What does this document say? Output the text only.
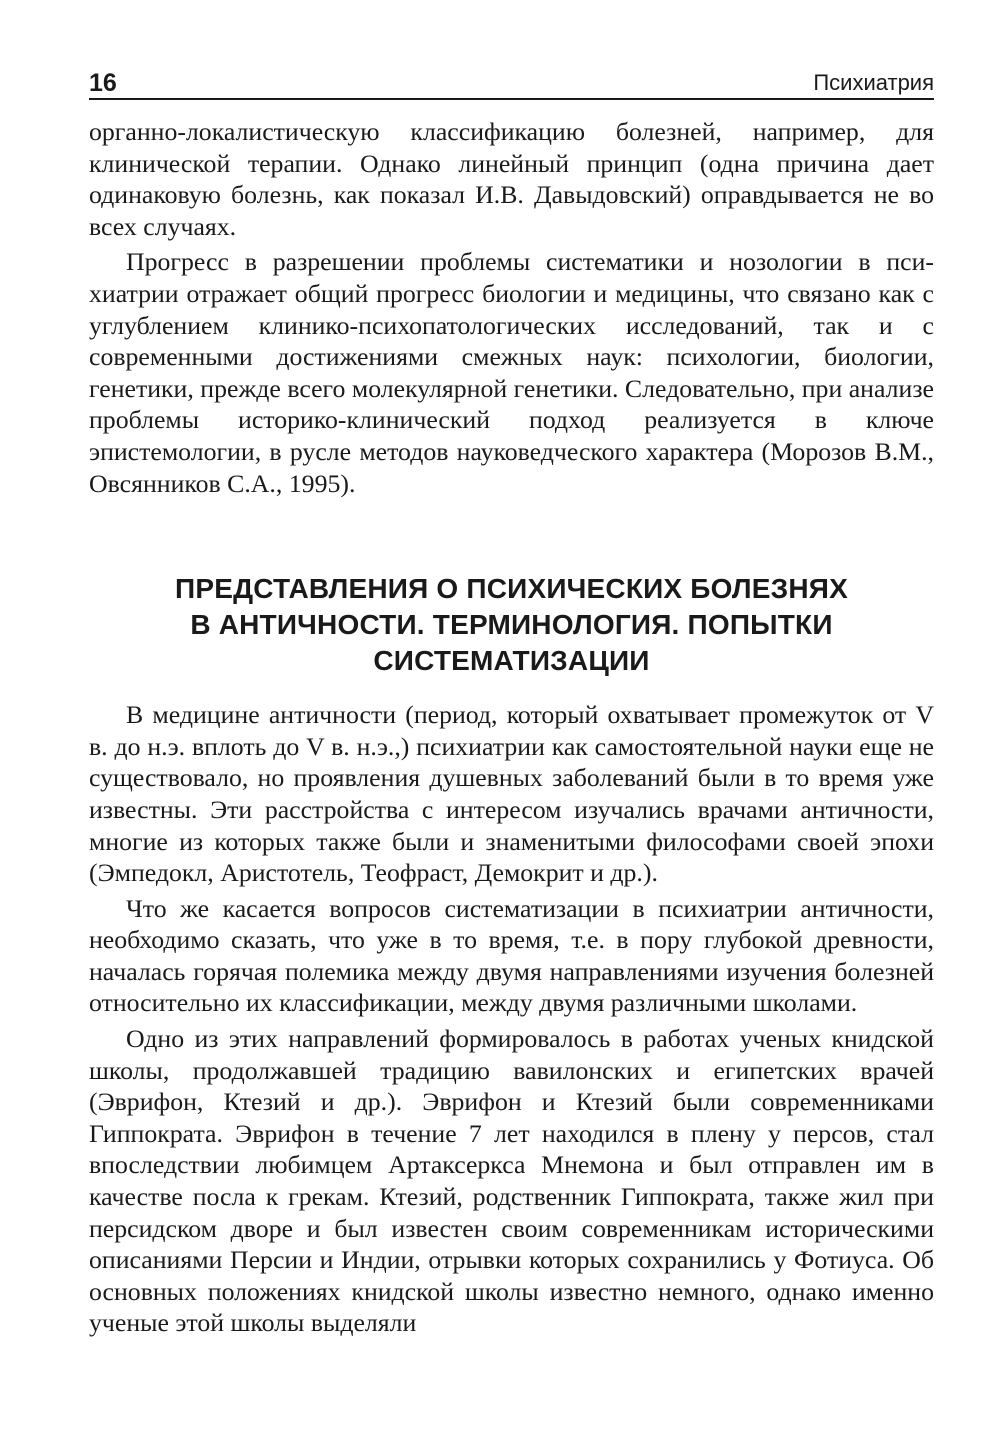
16	Психиатрия

органно-локалистическую классификацию болезней, например, для клинической терапии. Однако линейный принцип (одна причина дает одинаковую болезнь, как показал И.В. Давыдовский) оправдывается не во всех случаях.

Прогресс в разрешении проблемы систематики и нозологии в психиатрии отражает общий прогресс биологии и медицины, что связано как с углублением клинико-психопатологических исследований, так и с современными достижениями смежных наук: психологии, биологии, генетики, прежде всего молекулярной генетики. Следовательно, при анализе проблемы историко-клинический подход реализуется в ключе эпистемологии, в русле методов науковедческого характера (Морозов В.М., Овсянников С.А., 1995).

ПРЕДСТАВЛЕНИЯ О ПСИХИЧЕСКИХ БОЛЕЗНЯХ
В АНТИЧНОСТИ. ТЕРМИНОЛОГИЯ. ПОПЫТКИ
СИСТЕМАТИЗАЦИИ

В медицине античности (период, который охватывает промежуток от V в. до н.э. вплоть до V в. н.э.,) психиатрии как самостоятельной науки еще не существовало, но проявления душевных заболеваний были в то время уже известны. Эти расстройства с интересом изучались врачами античности, многие из которых также были и знаменитыми философами своей эпохи (Эмпедокл, Аристотель, Теофраст, Демокрит и др.).

Что же касается вопросов систематизации в психиатрии античности, необходимо сказать, что уже в то время, т.е. в пору глубокой древности, началась горячая полемика между двумя направлениями изучения болезней относительно их классификации, между двумя различными школами.

Одно из этих направлений формировалось в работах ученых книдской школы, продолжавшей традицию вавилонских и египетских врачей (Эврифон, Ктезий и др.). Эврифон и Ктезий были современниками Гиппократа. Эврифон в течение 7 лет находился в плену у персов, стал впоследствии любимцем Артаксеркса Мнемона и был отправлен им в качестве посла к грекам. Ктезий, родственник Гиппократа, также жил при персидском дворе и был известен своим современникам историческими описаниями Персии и Индии, отрывки которых сохранились у Фотиуса. Об основных положениях книдской школы известно немного, однако именно ученые этой школы выделяли
